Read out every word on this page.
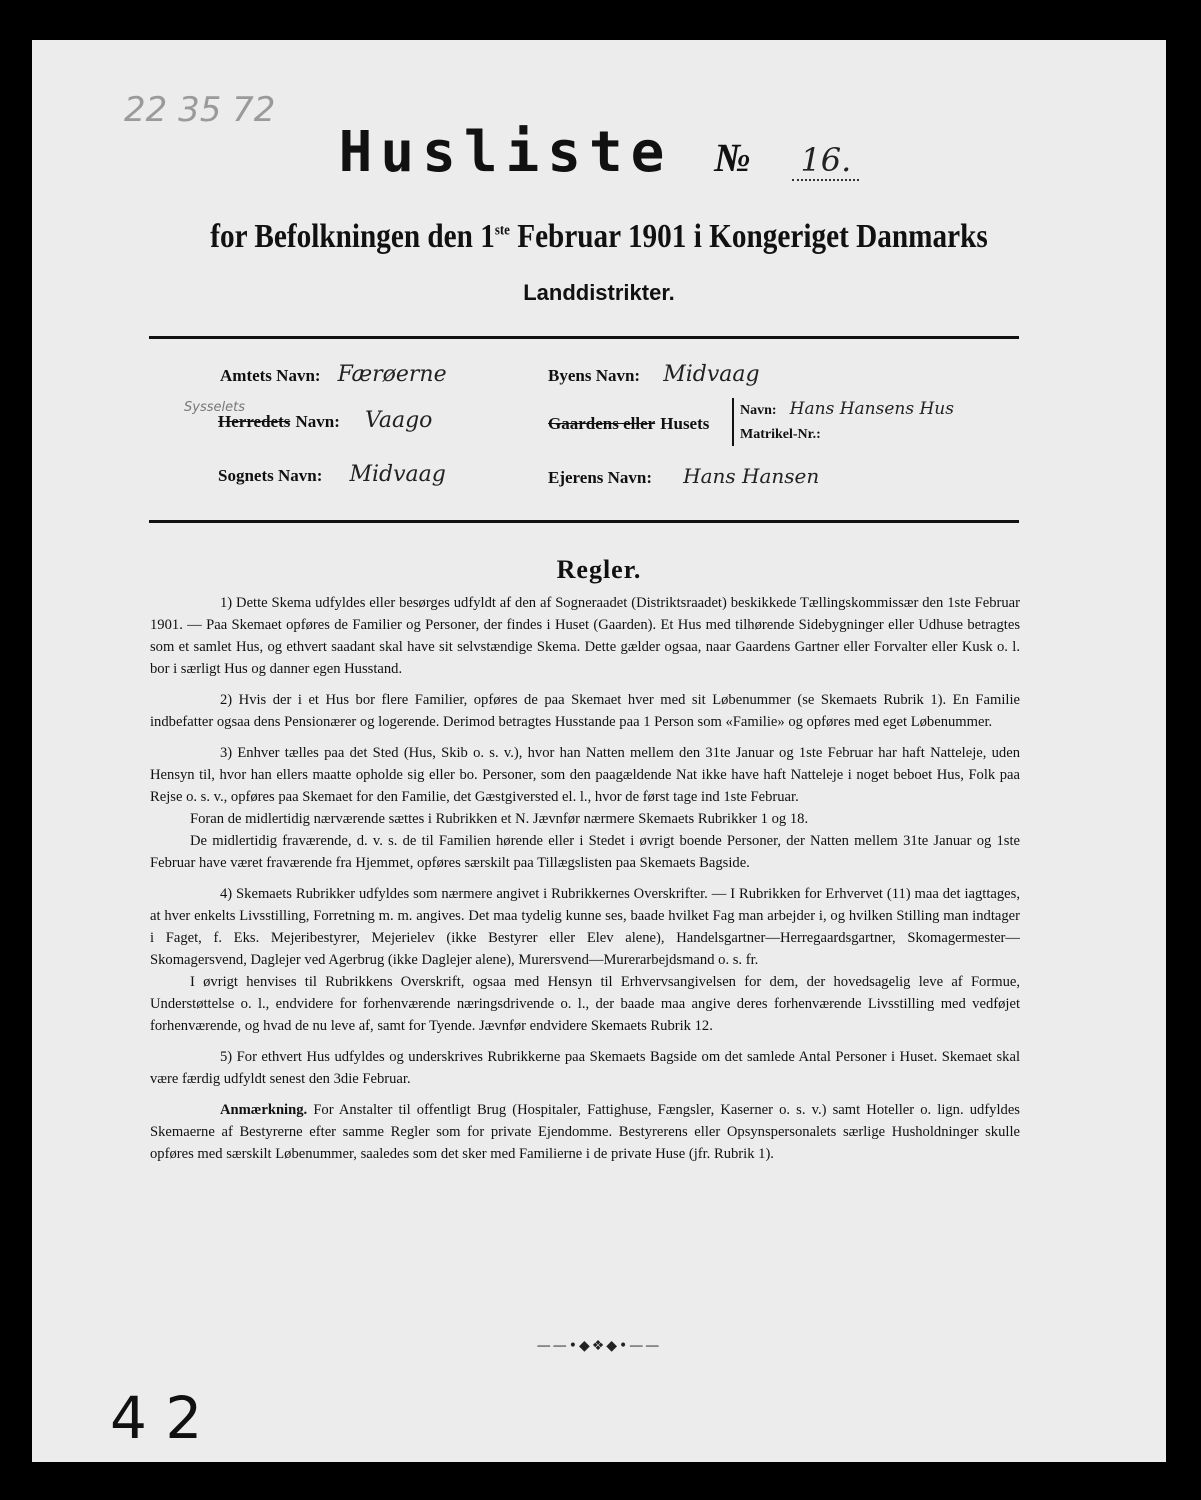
22 35 72
Husliste № 16.
for Befolkningen den 1ste Februar 1901 i Kongeriget Danmarks
Landdistrikter.
Amtets Navn: Færøerne
Sysselets
Herredets Navn: Vaago
Sognets Navn: Midvaag
Byens Navn: Midvaag
Gaardens eller Husets
Navn: Hans Hansens Hus
Matrikel-Nr.:
Ejerens Navn: Hans Hansen
Regler.

1) Dette Skema udfyldes eller besørges udfyldt af den af Sogneraadet (Distriktsraadet) beskikkede Tællingskommissær den 1ste Februar 1901. — Paa Skemaet opføres de Familier og Personer, der findes i Huset (Gaarden). Et Hus med tilhørende Sidebygninger eller Udhuse betragtes som et samlet Hus, og ethvert saadant skal have sit selvstændige Skema. Dette gælder ogsaa, naar Gaardens Gartner eller Forvalter eller Kusk o. l. bor i særligt Hus og danner egen Husstand.

2) Hvis der i et Hus bor flere Familier, opføres de paa Skemaet hver med sit Løbenummer (se Skemaets Rubrik 1). En Familie indbefatter ogsaa dens Pensionærer og logerende. Derimod betragtes Husstande paa 1 Person som «Familie» og opføres med eget Løbenummer.

3) Enhver tælles paa det Sted (Hus, Skib o. s. v.), hvor han Natten mellem den 31te Januar og 1ste Februar har haft Natteleje, uden Hensyn til, hvor han ellers maatte opholde sig eller bo. Personer, som den paagældende Nat ikke have haft Natteleje i noget beboet Hus, Folk paa Rejse o. s. v., opføres paa Skemaet for den Familie, det Gæstgiversted el. l., hvor de først tage ind 1ste Februar.

Foran de midlertidig nærværende sættes i Rubrikken et N. Jævnfør nærmere Skemaets Rubrikker 1 og 18.

De midlertidig fraværende, d. v. s. de til Familien hørende eller i Stedet i øvrigt boende Personer, der Natten mellem 31te Januar og 1ste Februar have været fraværende fra Hjemmet, opføres særskilt paa Tillægslisten paa Skemaets Bagside.

4) Skemaets Rubrikker udfyldes som nærmere angivet i Rubrikkernes Overskrifter. — I Rubrikken for Erhvervet (11) maa det iagttages, at hver enkelts Livsstilling, Forretning m. m. angives. Det maa tydelig kunne ses, baade hvilket Fag man arbejder i, og hvilken Stilling man indtager i Faget, f. Eks. Mejeribestyrer, Mejerielev (ikke Bestyrer eller Elev alene), Handelsgartner—Herregaardsgartner, Skomagermester—Skomagersvend, Daglejer ved Agerbrug (ikke Daglejer alene), Murersvend—Murerarbejdsmand o. s. fr.

I øvrigt henvises til Rubrikkens Overskrift, ogsaa med Hensyn til Erhvervsangivelsen for dem, der hovedsagelig leve af Formue, Understøttelse o. l., endvidere for forhenværende næringsdrivende o. l., der baade maa angive deres forhenværende Livsstilling med vedføjet forhenværende, og hvad de nu leve af, samt for Tyende. Jævnfør endvidere Skemaets Rubrik 12.

5) For ethvert Hus udfyldes og underskrives Rubrikkerne paa Skemaets Bagside om det samlede Antal Personer i Huset. Skemaet skal være færdig udfyldt senest den 3die Februar.

Anmærkning. For Anstalter til offentligt Brug (Hospitaler, Fattighuse, Fængsler, Kaserner o. s. v.) samt Hoteller o. lign. udfyldes Skemaerne af Bestyrerne efter samme Regler som for private Ejendomme. Bestyrerens eller Opsynspersonalets særlige Husholdninger skulle opføres med særskilt Løbenummer, saaledes som det sker med Familierne i de private Huse (jfr. Rubrik 1).

——•◆❖◆•——
4 2
